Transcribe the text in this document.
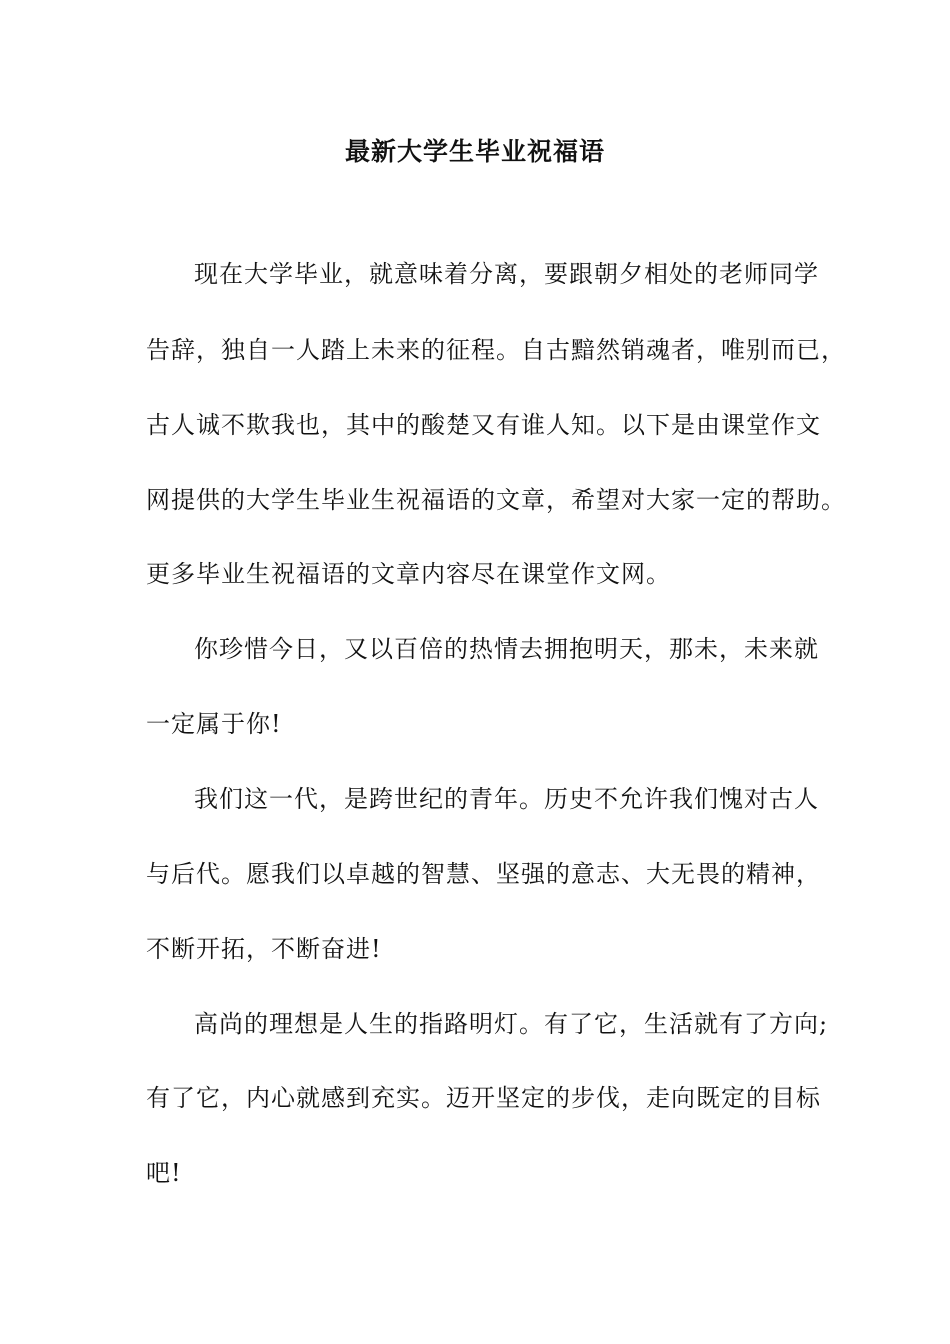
最新大学生毕业祝福语
现在大学毕业，就意味着分离，要跟朝夕相处的老师同学
告辞，独自一人踏上未来的征程。自古黯然销魂者，唯别而已，
古人诚不欺我也，其中的酸楚又有谁人知。以下是由课堂作文
网提供的大学生毕业生祝福语的文章，希望对大家一定的帮助。
更多毕业生祝福语的文章内容尽在课堂作文网。
你珍惜今日，又以百倍的热情去拥抱明天，那未，未来就
一定属于你!
我们这一代，是跨世纪的青年。历史不允许我们愧对古人
与后代。愿我们以卓越的智慧、坚强的意志、大无畏的精神，
不断开拓，不断奋进!
高尚的理想是人生的指路明灯。有了它，生活就有了方向;
有了它，内心就感到充实。迈开坚定的步伐，走向既定的目标
吧!
